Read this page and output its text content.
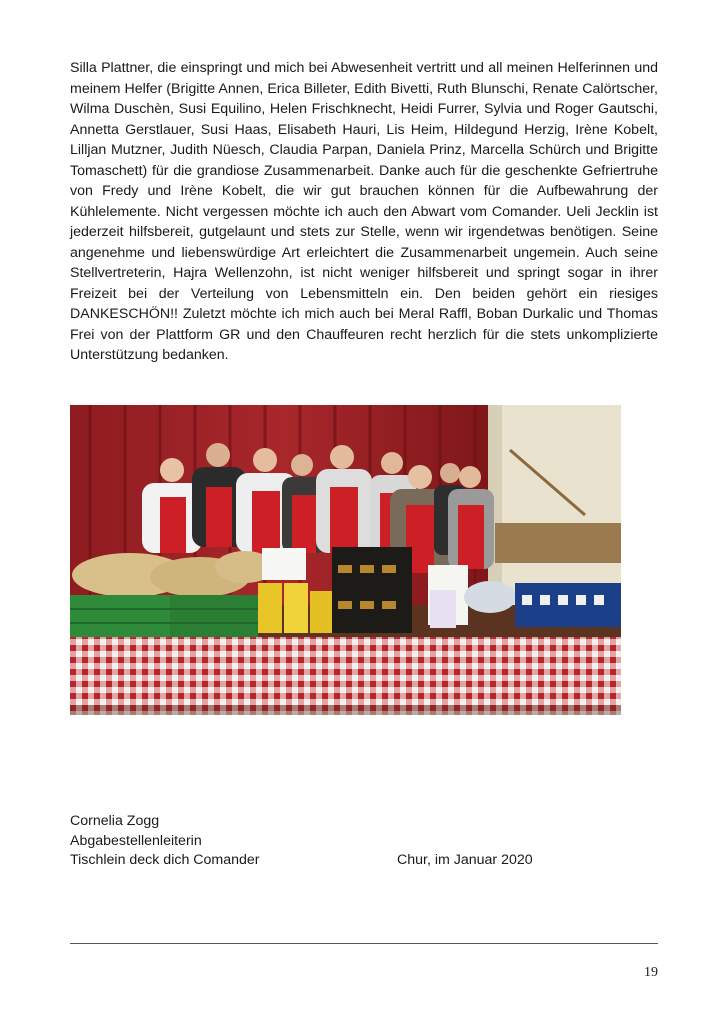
Silla Plattner, die einspringt und mich bei Abwesenheit vertritt und all meinen Helferinnen und meinem Helfer (Brigitte Annen, Erica Billeter, Edith Bivetti, Ruth Blunschi, Renate Calörtscher, Wilma Duschèn, Susi Equilino, Helen Frischknecht, Heidi Furrer, Sylvia und Roger Gautschi, Annetta Gerstlauer, Susi Haas, Elisabeth Hauri, Lis Heim, Hildegund Herzig, Irène Kobelt, Lilljan Mutzner, Judith Nüesch, Claudia Parpan, Daniela Prinz, Marcella Schürch und Brigitte Tomaschett) für die grandiose Zusammenarbeit. Danke auch für die geschenkte Gefriertruhe von Fredy und Irène Kobelt, die wir gut brauchen können für die Aufbewahrung der Kühlelemente. Nicht vergessen möchte ich auch den Abwart vom Comander. Ueli Jecklin ist jederzeit hilfsbereit, gutgelaunt und stets zur Stelle, wenn wir irgendetwas benötigen. Seine angenehme und liebenswürdige Art erleichtert die Zusammenarbeit ungemein. Auch seine Stellvertreterin, Hajra Wellenzohn, ist nicht weniger hilfsbereit und springt sogar in ihrer Freizeit bei der Verteilung von Lebensmitteln ein. Den beiden gehört ein riesiges DANKESCHÖN!! Zuletzt möchte ich mich auch bei Meral Raffl, Boban Durkalic und Thomas Frei von der Plattform GR und den Chauffeuren recht herzlich für die stets unkomplizierte Unterstützung bedanken.

Cornelia Zogg

Abgabestellenleiterin

Tischlein deck dich Comander	Chur, im Januar 2020

19
